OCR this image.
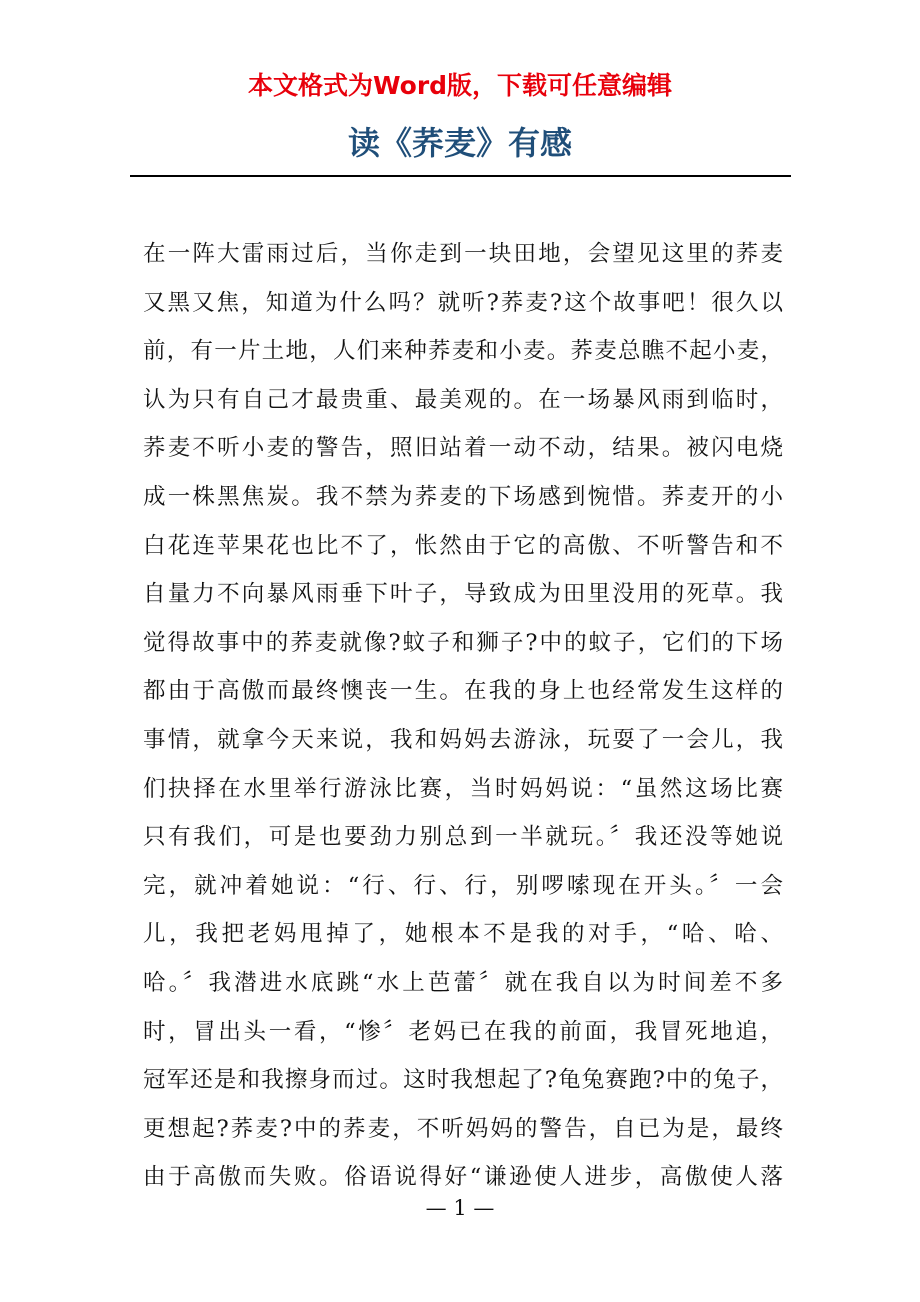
本文格式为Word版，下载可任意编辑
读《荞麦》有感
在一阵大雷雨过后，当你走到一块田地，会望见这里的荞麦
又黑又焦，知道为什么吗？就听?荞麦?这个故事吧！很久以
前，有一片土地，人们来种荞麦和小麦。荞麦总瞧不起小麦，
认为只有自己才最贵重、最美观的。在一场暴风雨到临时，
荞麦不听小麦的警告，照旧站着一动不动，结果。被闪电烧
成一株黑焦炭。我不禁为荞麦的下场感到惋惜。荞麦开的小
白花连苹果花也比不了，怅然由于它的高傲、不听警告和不
自量力不向暴风雨垂下叶子，导致成为田里没用的死草。我
觉得故事中的荞麦就像?蚊子和狮子?中的蚊子，它们的下场
都由于高傲而最终懊丧一生。在我的身上也经常发生这样的
事情，就拿今天来说，我和妈妈去游泳，玩耍了一会儿，我
们抉择在水里举行游泳比赛，当时妈妈说：“虽然这场比赛
只有我们，可是也要劲力别总到一半就玩。〞我还没等她说
完，就冲着她说：“行、行、行，别啰嗦现在开头。〞一会
儿，我把老妈甩掉了，她根本不是我的对手，“哈、哈、
哈。〞我潜进水底跳“水上芭蕾〞就在我自以为时间差不多
时，冒出头一看，“惨〞老妈已在我的前面，我冒死地追，
冠军还是和我擦身而过。这时我想起了?龟兔赛跑?中的兔子，
更想起?荞麦?中的荞麦，不听妈妈的警告，自已为是，最终
由于高傲而失败。俗语说得好“谦逊使人进步，高傲使人落
— 1 —
